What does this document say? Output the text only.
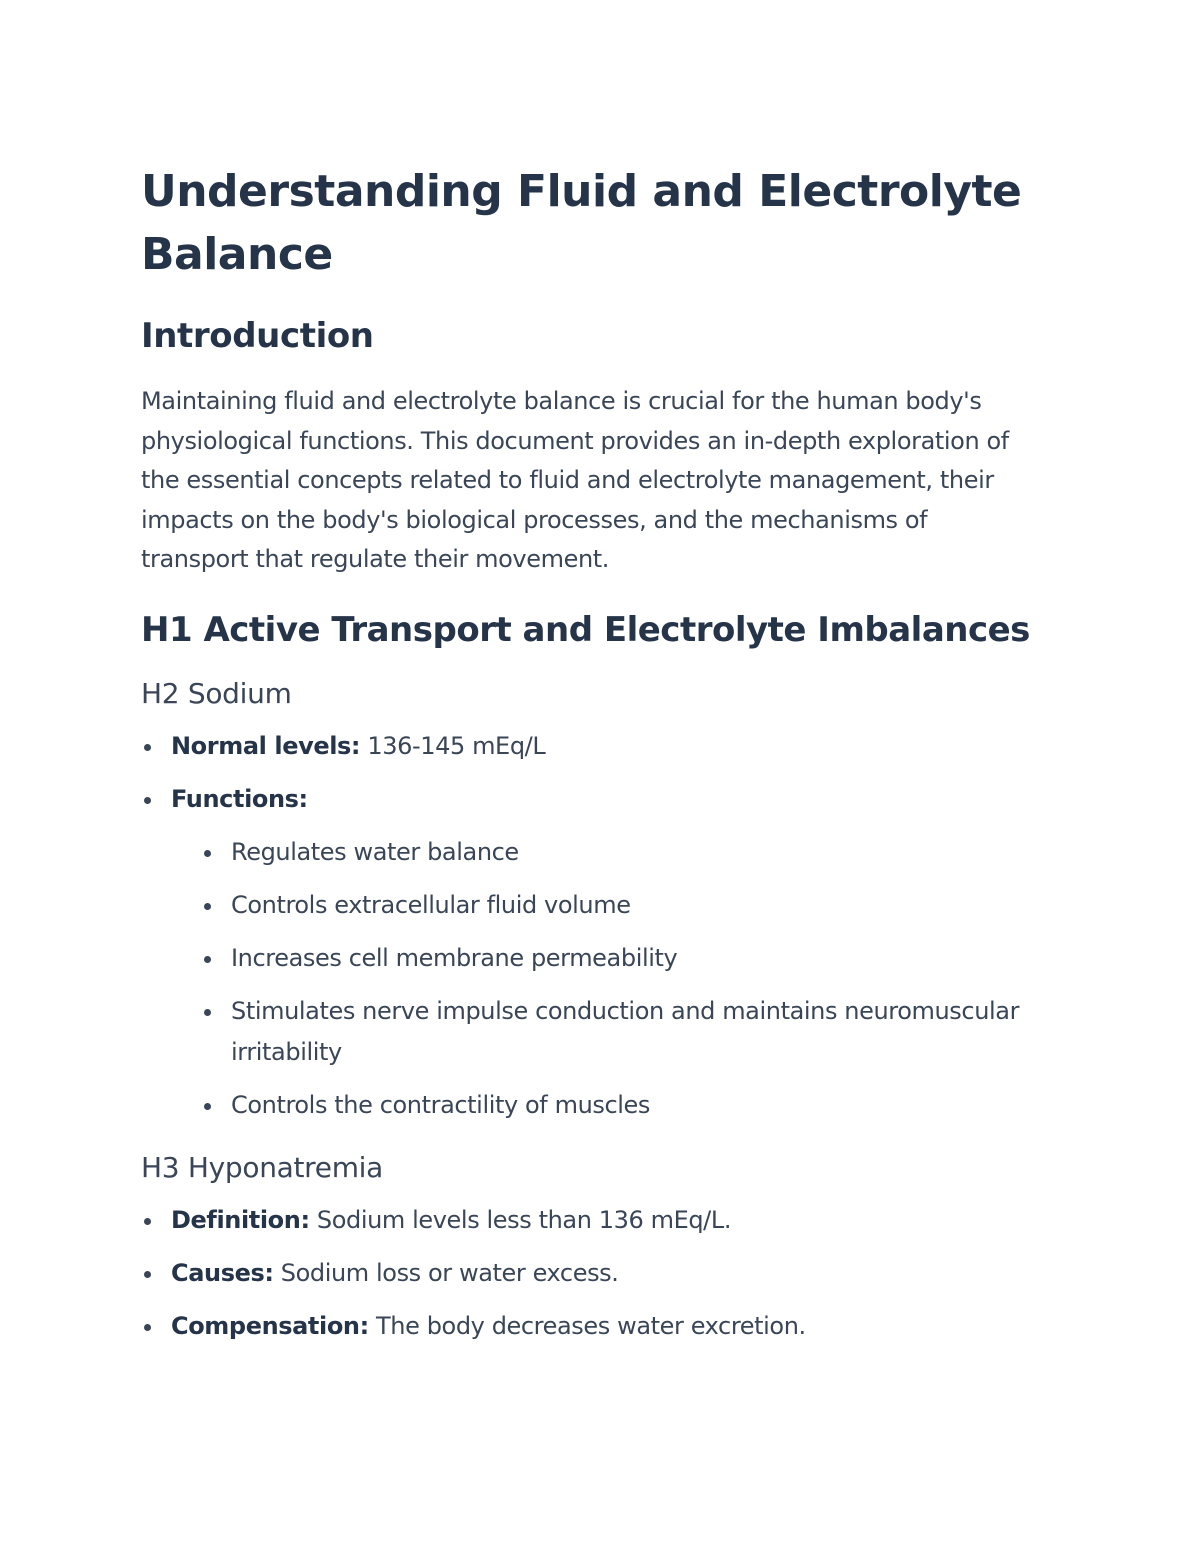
Understanding Fluid and Electrolyte Balance
Introduction

Maintaining fluid and electrolyte balance is crucial for the human body's physiological functions. This document provides an in-depth exploration of the essential concepts related to fluid and electrolyte management, their impacts on the body's biological processes, and the mechanisms of transport that regulate their movement.

H1 Active Transport and Electrolyte Imbalances
H2 Sodium
Normal levels: 136-145 mEq/L
Functions:
Regulates water balance
Controls extracellular fluid volume
Increases cell membrane permeability
Stimulates nerve impulse conduction and maintains neuromuscular irritability
Controls the contractility of muscles
H3 Hyponatremia
Definition: Sodium levels less than 136 mEq/L.
Causes: Sodium loss or water excess.
Compensation: The body decreases water excretion.
